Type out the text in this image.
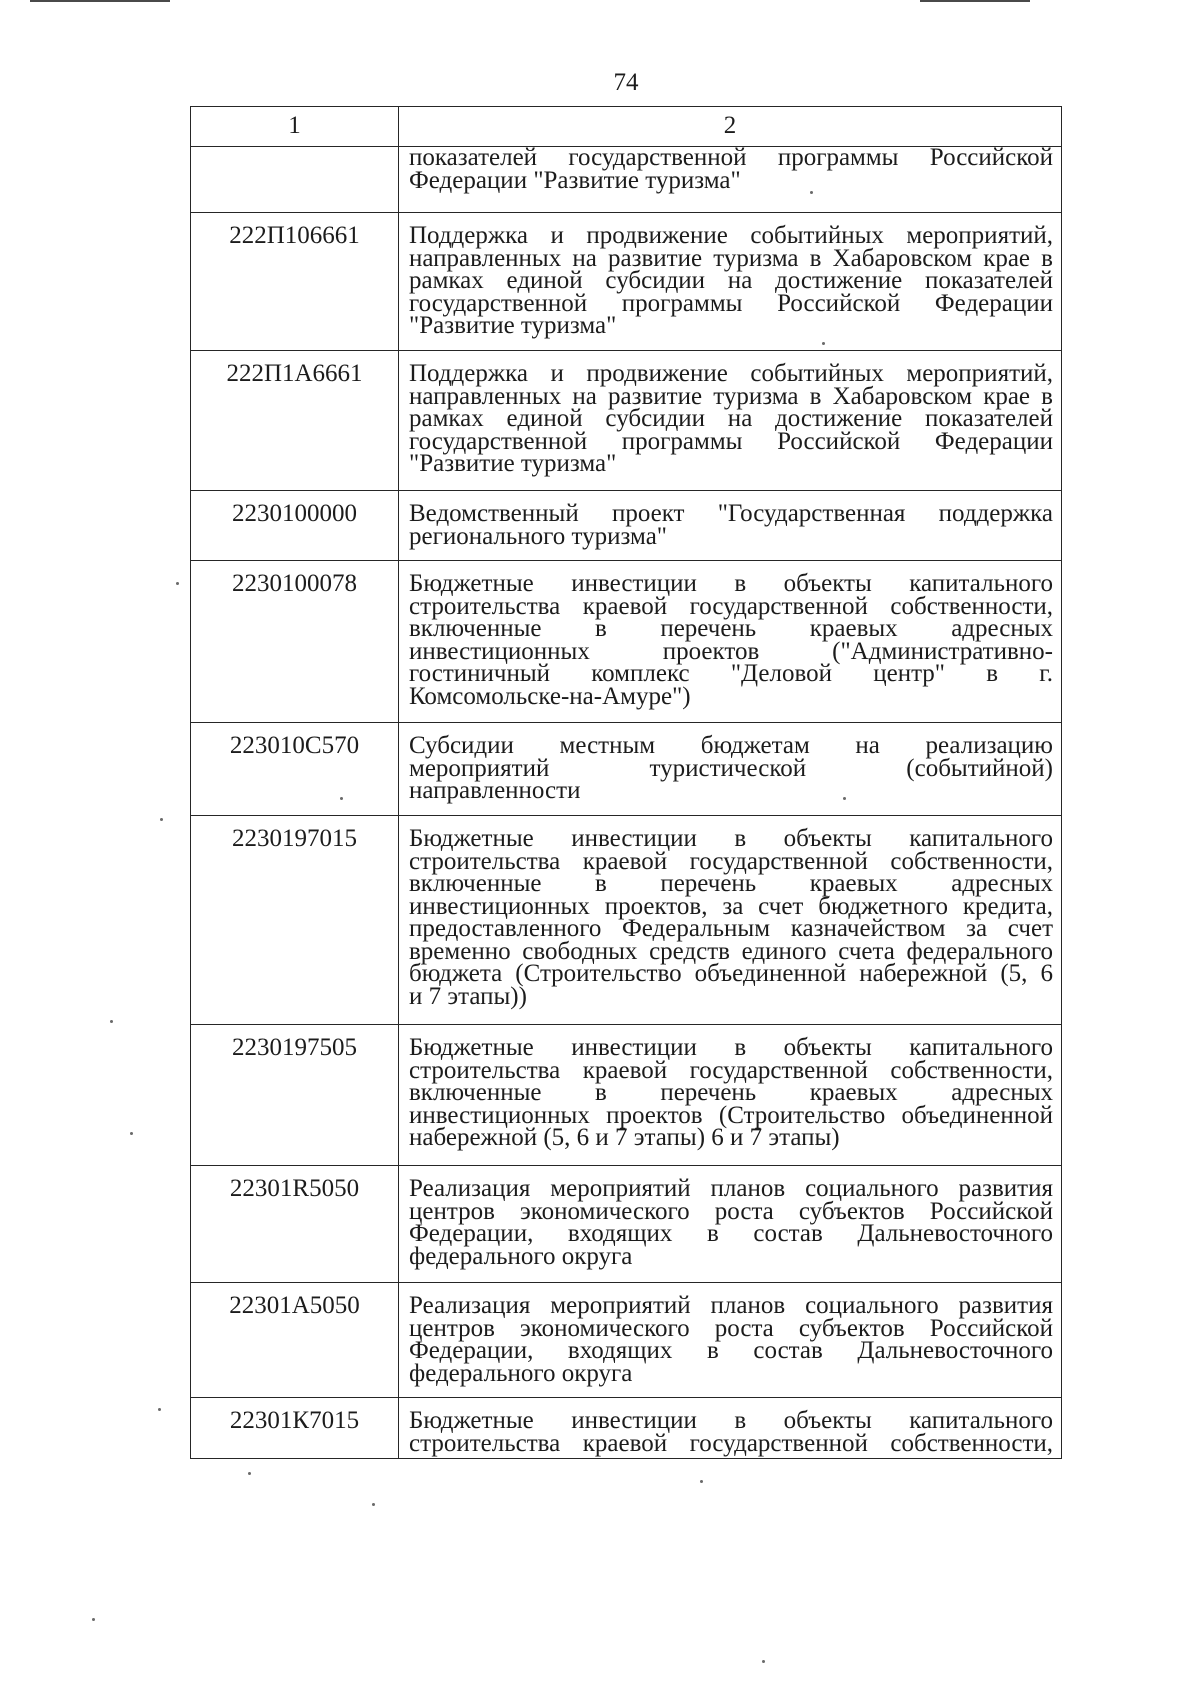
74
1	2
показателей государственной программы Российской
Федерации "Развитие туризма"
222П106661	Поддержка и продвижение событийных мероприятий,
направленных на развитие туризма в Хабаровском крае в
рамках единой субсидии на достижение показателей
государственной программы Российской Федерации
"Развитие туризма"
222П1А6661	Поддержка и продвижение событийных мероприятий,
направленных на развитие туризма в Хабаровском крае в
рамках единой субсидии на достижение показателей
государственной программы Российской Федерации
"Развитие туризма"
2230100000	Ведомственный проект "Государственная поддержка
регионального туризма"
2230100078	Бюджетные инвестиции в объекты капитального
строительства краевой государственной собственности,
включенные в перечень краевых адресных
инвестиционных проектов ("Административно-
гостиничный комплекс "Деловой центр" в г.
Комсомольске-на-Амуре")
223010С570	Субсидии местным бюджетам на реализацию
мероприятий туристической (событийной)
направленности
2230197015	Бюджетные инвестиции в объекты капитального
строительства краевой государственной собственности,
включенные в перечень краевых адресных
инвестиционных проектов, за счет бюджетного кредита,
предоставленного Федеральным казначейством за счет
временно свободных средств единого счета федерального
бюджета (Строительство объединенной набережной (5, 6
и 7 этапы))
2230197505	Бюджетные инвестиции в объекты капитального
строительства краевой государственной собственности,
включенные в перечень краевых адресных
инвестиционных проектов (Строительство объединенной
набережной (5, 6 и 7 этапы) 6 и 7 этапы)
22301R5050	Реализация мероприятий планов социального развития
центров экономического роста субъектов Российской
Федерации, входящих в состав Дальневосточного
федерального округа
22301А5050	Реализация мероприятий планов социального развития
центров экономического роста субъектов Российской
Федерации, входящих в состав Дальневосточного
федерального округа
22301К7015	Бюджетные инвестиции в объекты капитального
строительства краевой государственной собственности,
